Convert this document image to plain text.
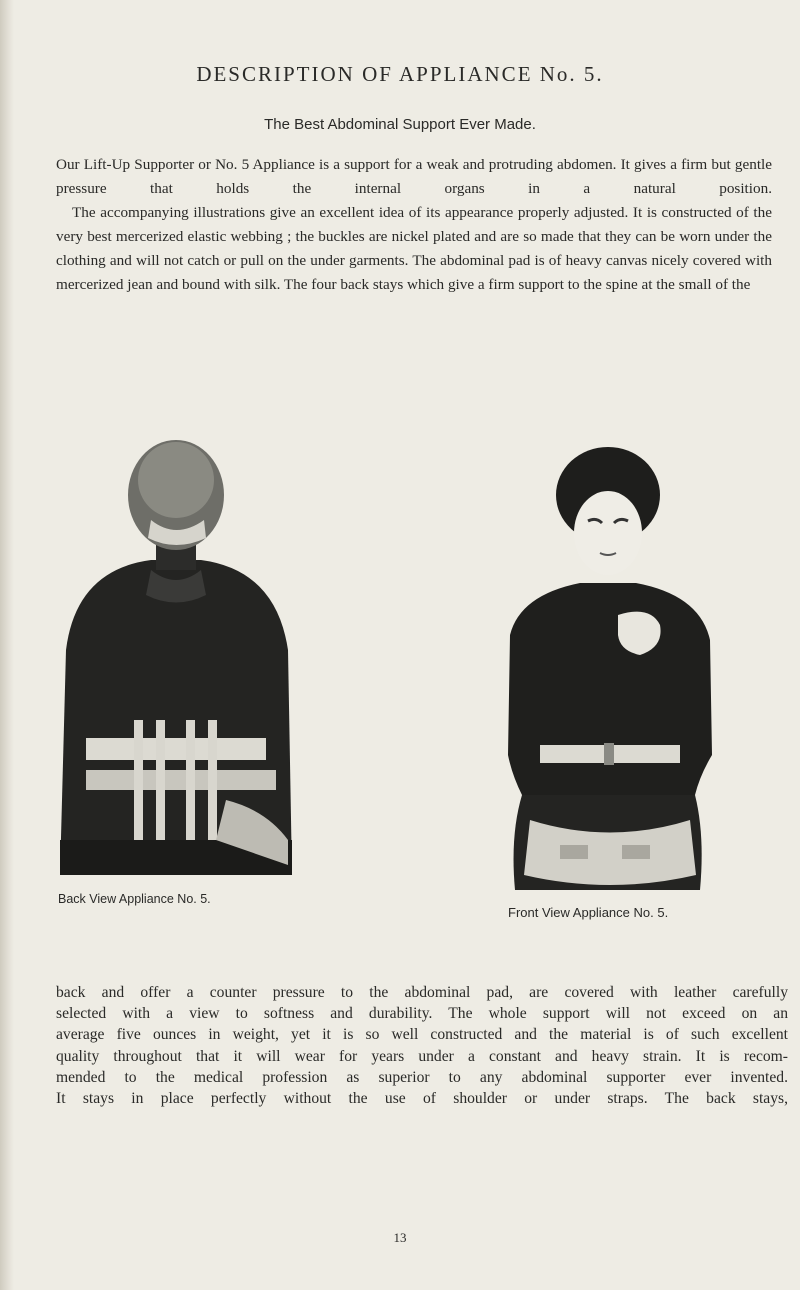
DESCRIPTION OF APPLIANCE No. 5.

The Best Abdominal Support Ever Made.

Our Lift-Up Supporter or No. 5 Appliance is a support for a weak and protruding abdomen. It gives a firm but gentle pressure that holds the internal organs in a natural position.

The accompanying illustrations give an excellent idea of its appearance properly adjusted. It is constructed of the very best mercerized elastic webbing ; the buckles are nickel plated and are so made that they can be worn under the clothing and will not catch or pull on the under garments. The abdominal pad is of heavy canvas nicely covered with mercerized jean and bound with silk. The four back stays which give a firm support to the spine at the small of the

Back View Appliance No. 5.

Front View Appliance No. 5.

back and offer a counter pressure to the abdominal pad, are covered with leather carefully
selected with a view to softness and durability. The whole support will not exceed on an
average five ounces in weight, yet it is so well constructed and the material is of such excellent
quality throughout that it will wear for years under a constant and heavy strain. It is recom-
mended to the medical profession as superior to any abdominal supporter ever invented.
It stays in place perfectly without the use of shoulder or under straps. The back stays,

13
